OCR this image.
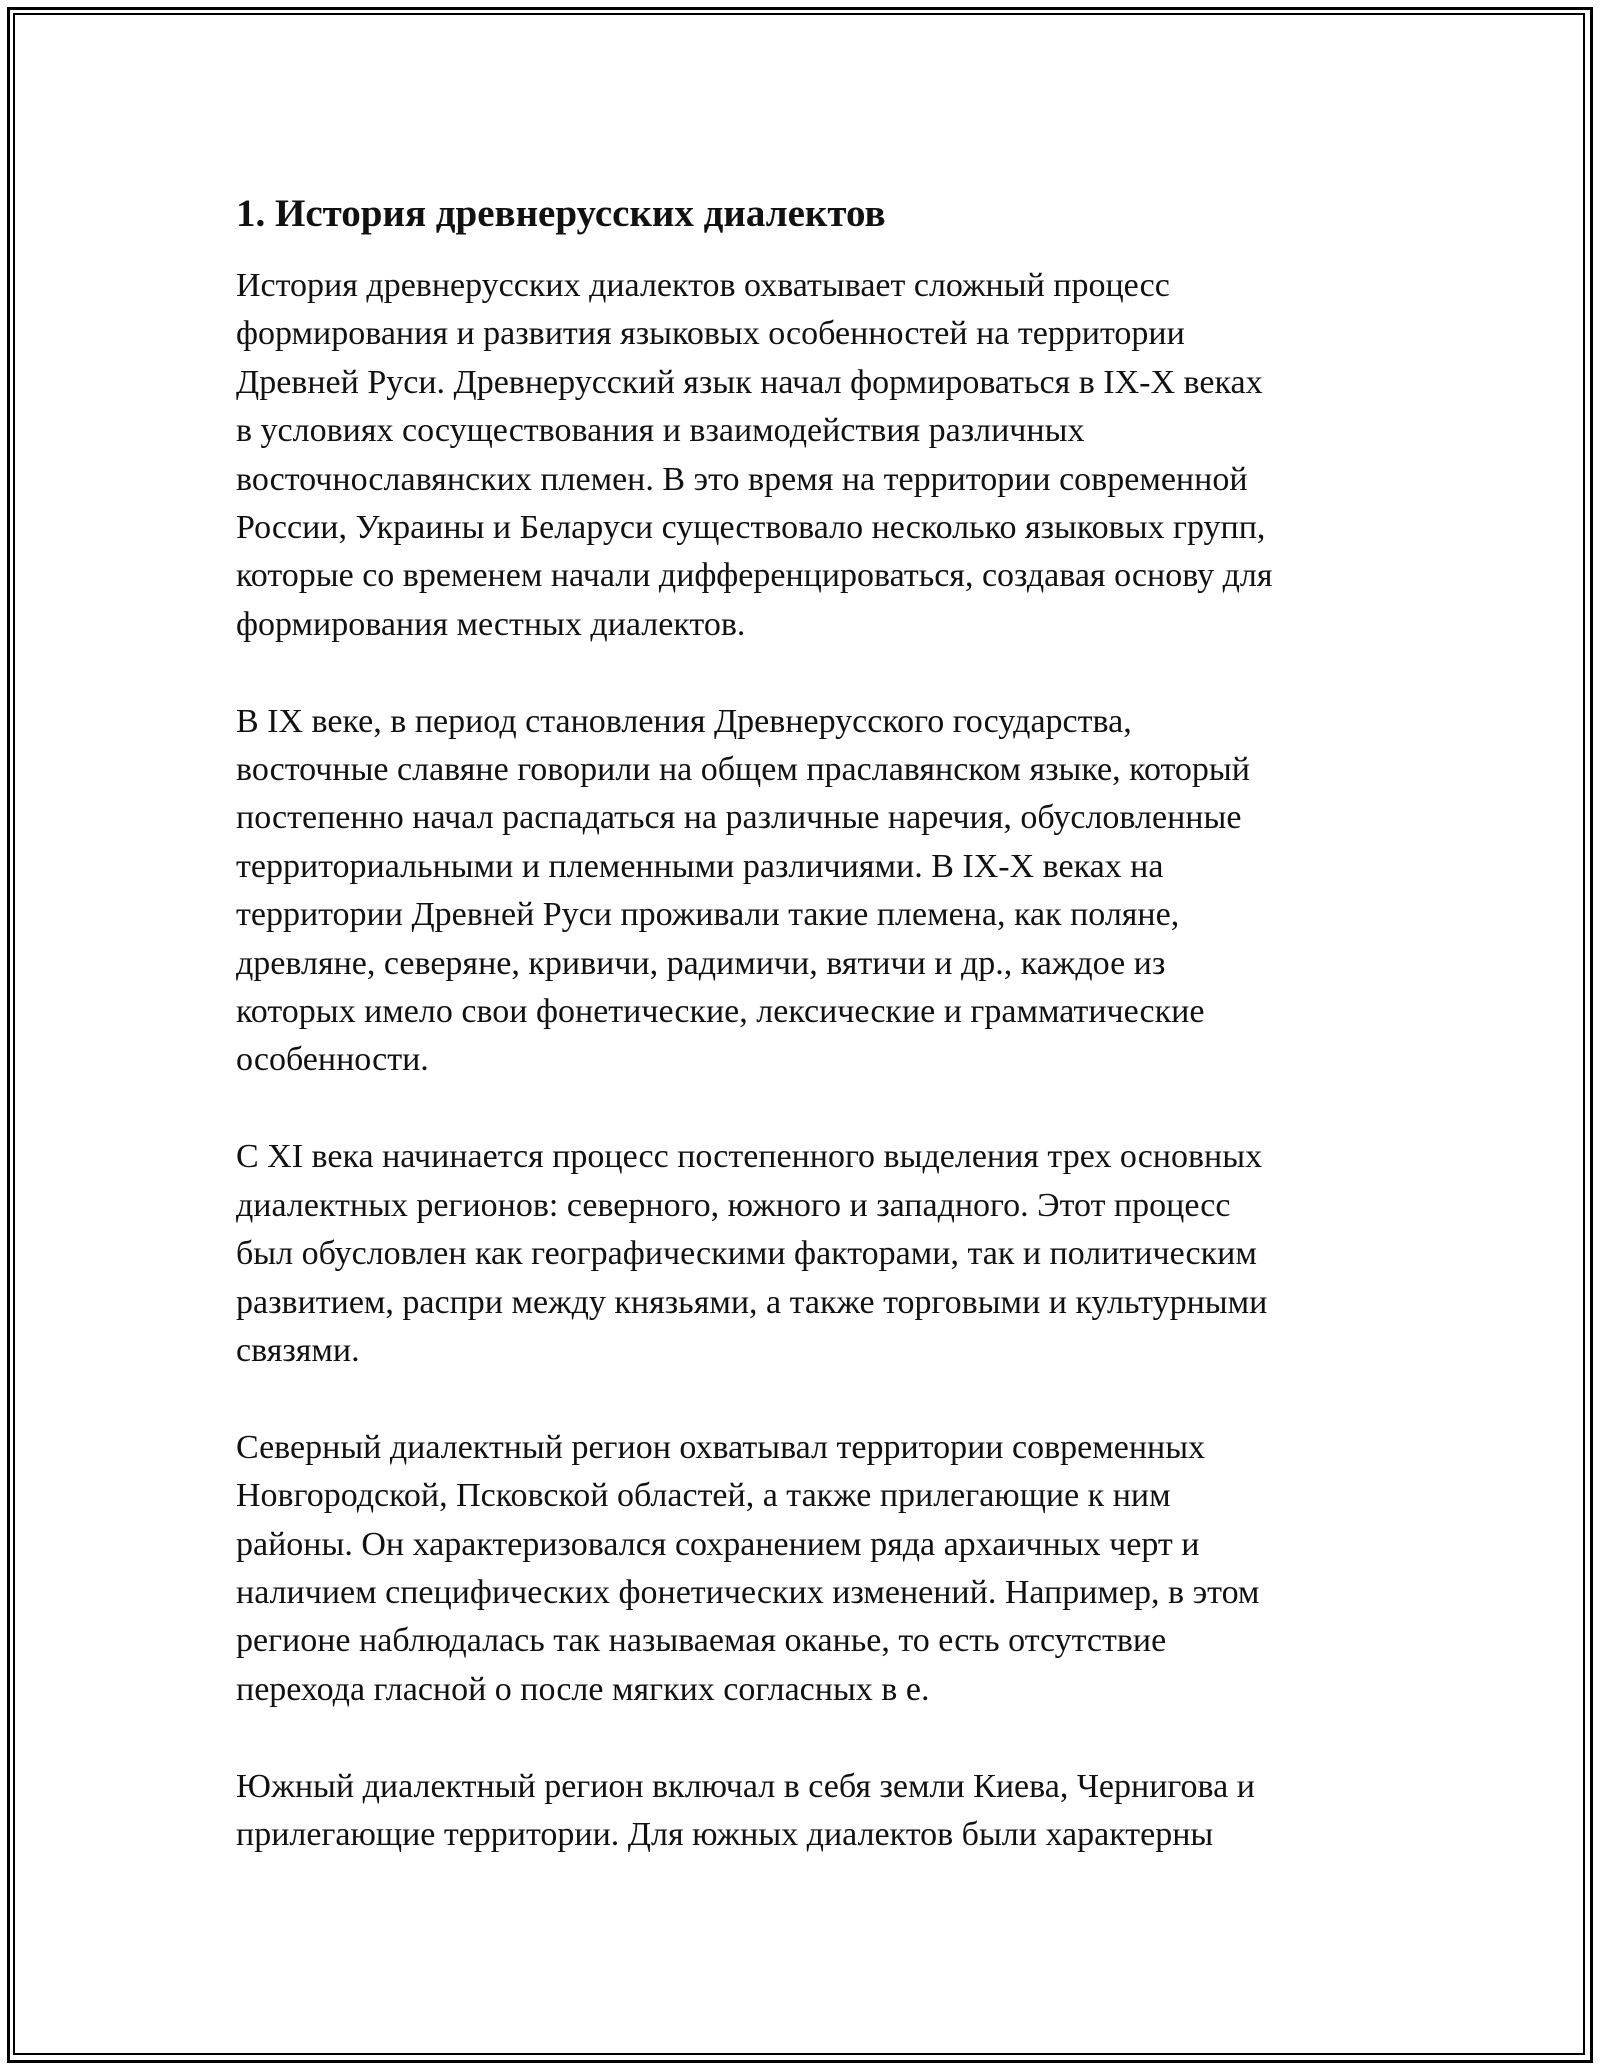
1. История древнерусских диалектов

История древнерусских диалектов охватывает сложный процесс
формирования и развития языковых особенностей на территории
Древней Руси. Древнерусский язык начал формироваться в IX-X веках
в условиях сосуществования и взаимодействия различных
восточнославянских племен. В это время на территории современной
России, Украины и Беларуси существовало несколько языковых групп,
которые со временем начали дифференцироваться, создавая основу для
формирования местных диалектов.

В IX веке, в период становления Древнерусского государства,
восточные славяне говорили на общем праславянском языке, который
постепенно начал распадаться на различные наречия, обусловленные
территориальными и племенными различиями. В IX-X веках на
территории Древней Руси проживали такие племена, как поляне,
древляне, северяне, кривичи, радимичи, вятичи и др., каждое из
которых имело свои фонетические, лексические и грамматические
особенности.

С XI века начинается процесс постепенного выделения трех основных
диалектных регионов: северного, южного и западного. Этот процесс
был обусловлен как географическими факторами, так и политическим
развитием, распри между князьями, а также торговыми и культурными
связями.

Северный диалектный регион охватывал территории современных
Новгородской, Псковской областей, а также прилегающие к ним
районы. Он характеризовался сохранением ряда архаичных черт и
наличием специфических фонетических изменений. Например, в этом
регионе наблюдалась так называемая оканье, то есть отсутствие
перехода гласной о после мягких согласных в е.

Южный диалектный регион включал в себя земли Киева, Чернигова и
прилегающие территории. Для южных диалектов были характерны
